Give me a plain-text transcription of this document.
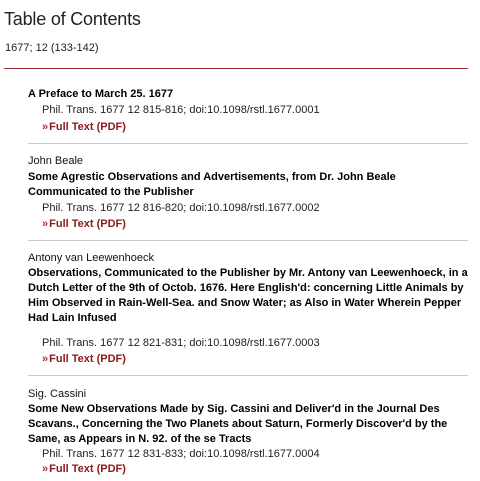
Table of Contents
1677; 12 (133-142)
A Preface to March 25. 1677
Phil. Trans. 1677 12 815-816; doi:10.1098/rstl.1677.0001
»Full Text (PDF)
John Beale
Some Agrestic Observations and Advertisements, from Dr. John Beale Communicated to the Publisher
Phil. Trans. 1677 12 816-820; doi:10.1098/rstl.1677.0002
»Full Text (PDF)
Antony van Leewenhoeck
Observations, Communicated to the Publisher by Mr. Antony van Leewenhoeck, in a Dutch Letter of the 9th of Octob. 1676. Here English'd: concerning Little Animals by Him Observed in Rain-Well-Sea. and Snow Water; as Also in Water Wherein Pepper Had Lain Infused
Phil. Trans. 1677 12 821-831; doi:10.1098/rstl.1677.0003
»Full Text (PDF)
Sig. Cassini
Some New Observations Made by Sig. Cassini and Deliver'd in the Journal Des Scavans., Concerning the Two Planets about Saturn, Formerly Discover'd by the Same, as Appears in N. 92. of the se Tracts
Phil. Trans. 1677 12 831-833; doi:10.1098/rstl.1677.0004
»Full Text (PDF)
